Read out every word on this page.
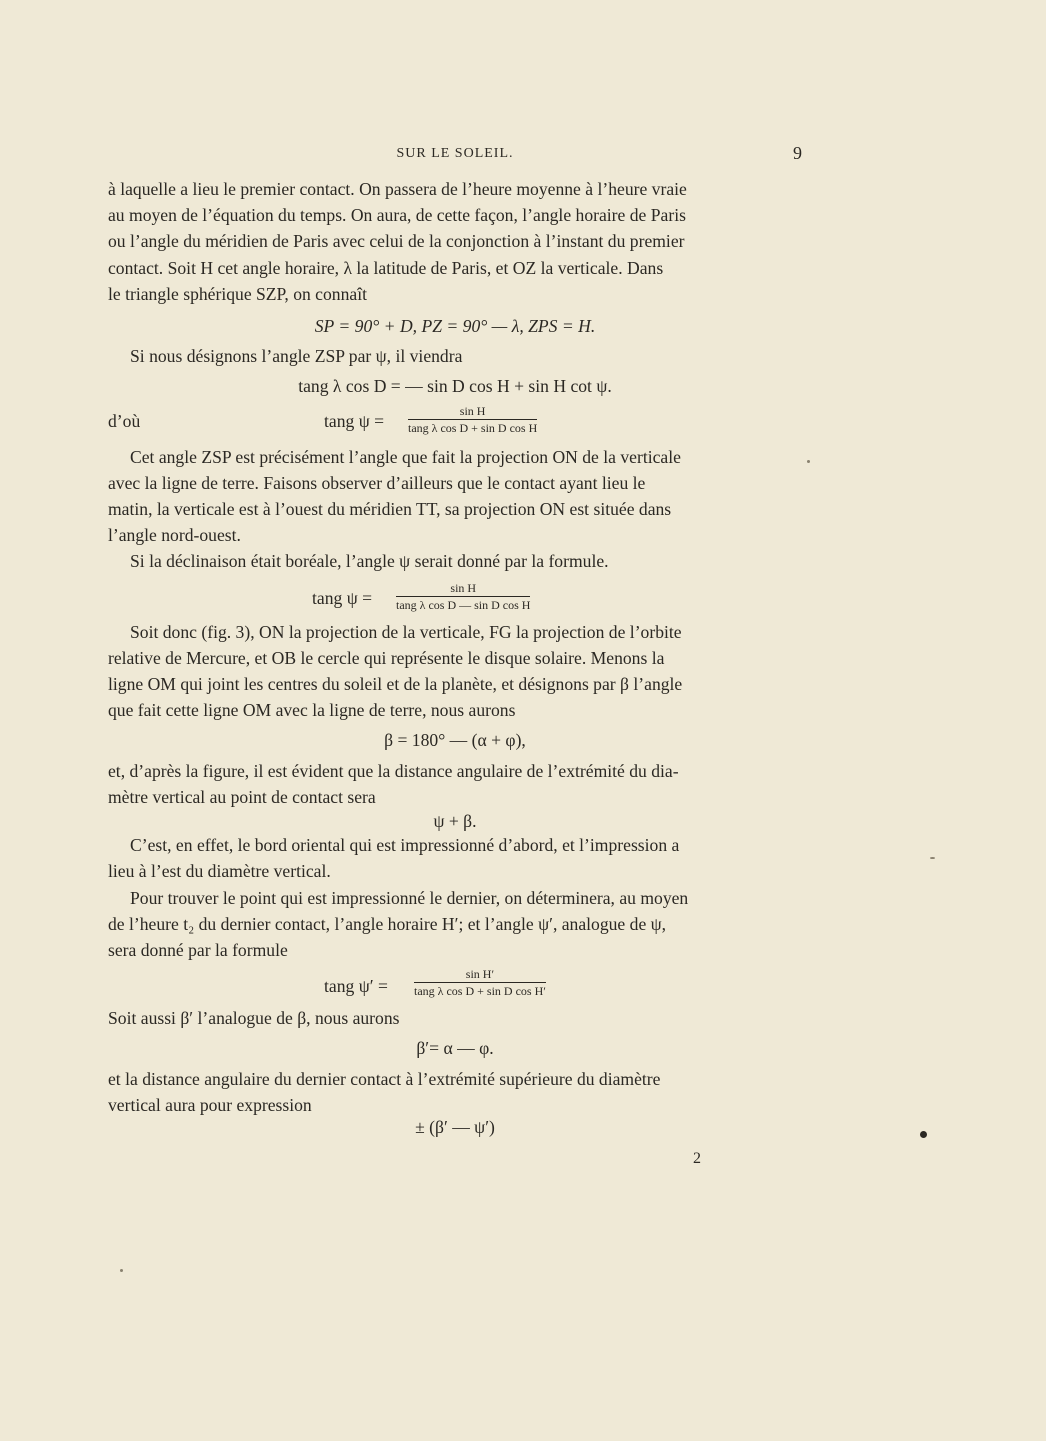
SUR LE SOLEIL.	9

à laquelle a lieu le premier contact. On passera de l’heure moyenne à l’heure vraie

au moyen de l’équation du temps. On aura, de cette façon, l’angle horaire de Paris

ou l’angle du méridien de Paris avec celui de la conjonction à l’instant du premier

contact. Soit H cet angle horaire, λ la latitude de Paris, et OZ la verticale. Dans

le triangle sphérique SZP, on connaît

SP = 90° + D, PZ = 90° — λ, ZPS = H.

Si nous désignons l’angle ZSP par ψ, il viendra

tang λ cos D = — sin D cos H + sin H cot ψ.

d’où	tang $\psi = \frac{\text{sin H}}{\text{tang λ cos D + sin D cos H}}$

Cet angle ZSP est précisément l’angle que fait la projection ON de la verticale

avec la ligne de terre. Faisons observer d’ailleurs que le contact ayant lieu le

matin, la verticale est à l’ouest du méridien TT, sa projection ON est située dans

l’angle nord-ouest.

Si la déclinaison était boréale, l’angle ψ serait donné par la formule.

tang $\psi = \frac{\text{sin H}}{\text{tang λ cos D — sin D cos H}}$

Soit donc (fig. 3), ON la projection de la verticale, FG la projection de l’orbite

relative de Mercure, et OB le cercle qui représente le disque solaire. Menons la

ligne OM qui joint les centres du soleil et de la planète, et désignons par β l’angle

que fait cette ligne OM avec la ligne de terre, nous aurons

β = 180° — (α + φ),

et, d’après la figure, il est évident que la distance angulaire de l’extrémité du dia-

mètre vertical au point de contact sera

ψ + β.

C’est, en effet, le bord oriental qui est impressionné d’abord, et l’impression a

lieu à l’est du diamètre vertical.

Pour trouver le point qui est impressionné le dernier, on déterminera, au moyen

de l’heure t₂ du dernier contact, l’angle horaire H′; et l’angle ψ′, analogue de ψ,

sera donné par la formule

tang $\psi' = \frac{\text{sin H′}}{\text{tang λ cos D + sin D cos H′}}$

Soit aussi β′ l’analogue de β, nous aurons

β′= α — φ.

et la distance angulaire du dernier contact à l’extrémité supérieure du diamètre

vertical aura pour expression

± (β′ — ψ′)

2
